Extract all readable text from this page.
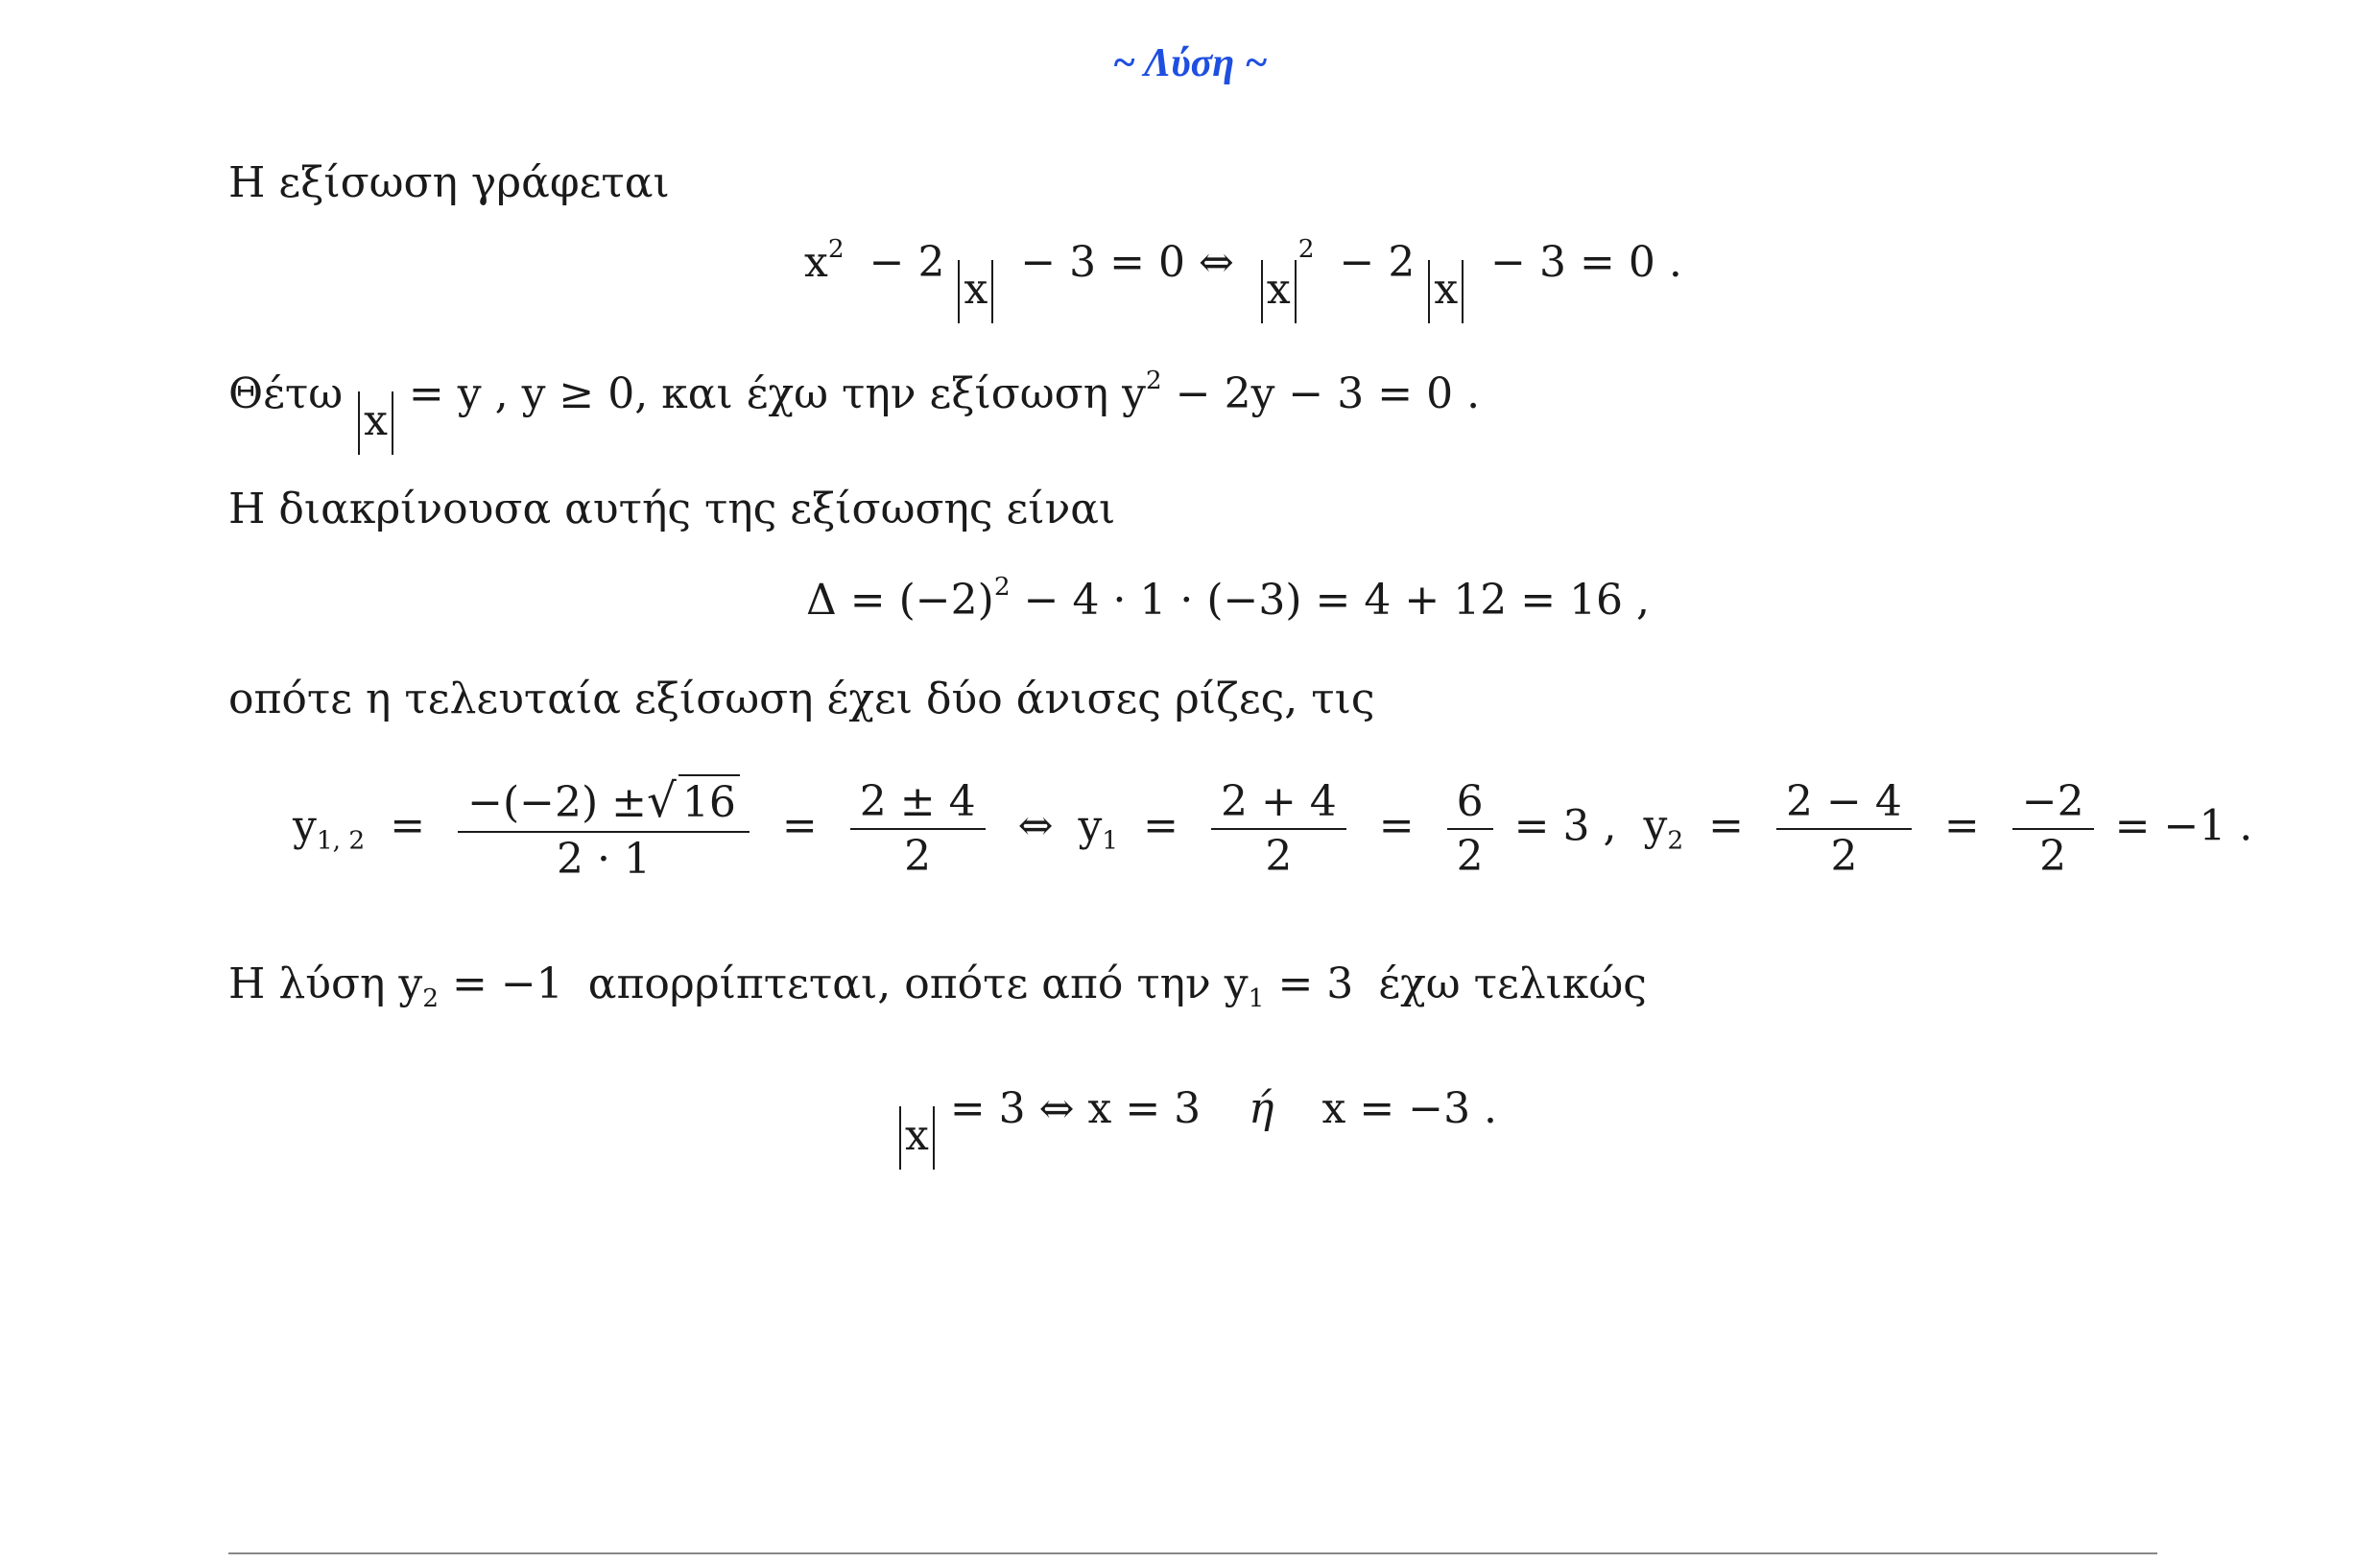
~ Λύση ~
Η εξίσωση γράφεται
$x^2 - 2x - 3 = 0$ ⇔ $x^2 - 2x - 3 = 0$ .
Θέτω x = y , y ≥ 0, και έχω την εξίσωση $y^2 - 2y - 3 = 0$ .
Η διακρίνουσα αυτής της εξίσωσης είναι
$\Delta = (-2)^2 - 4 \cdot 1 \cdot (-3) = 4 + 12 = 16$ ,
οπότε η τελευταία εξίσωση έχει δύο άνισες ρίζες, τις
$y_{1, 2} = \frac{-(-2) \pm√ 16}{2 \cdot 1} = \frac{2 \pm 4}{2}$ ⇔ $y_1 = \frac{2 + 4}{2} = \frac{6}{2} = 3$ , $y_2 = \frac{2 - 4}{2} = \frac{-2}{2} = -1$ .
Η λύση $y_2 = -1$ απορρίπτεται, οπότε από την $y_1 = 3$ έχω τελικώς
x = 3 ⇔ x = 3 ή x = −3 .
